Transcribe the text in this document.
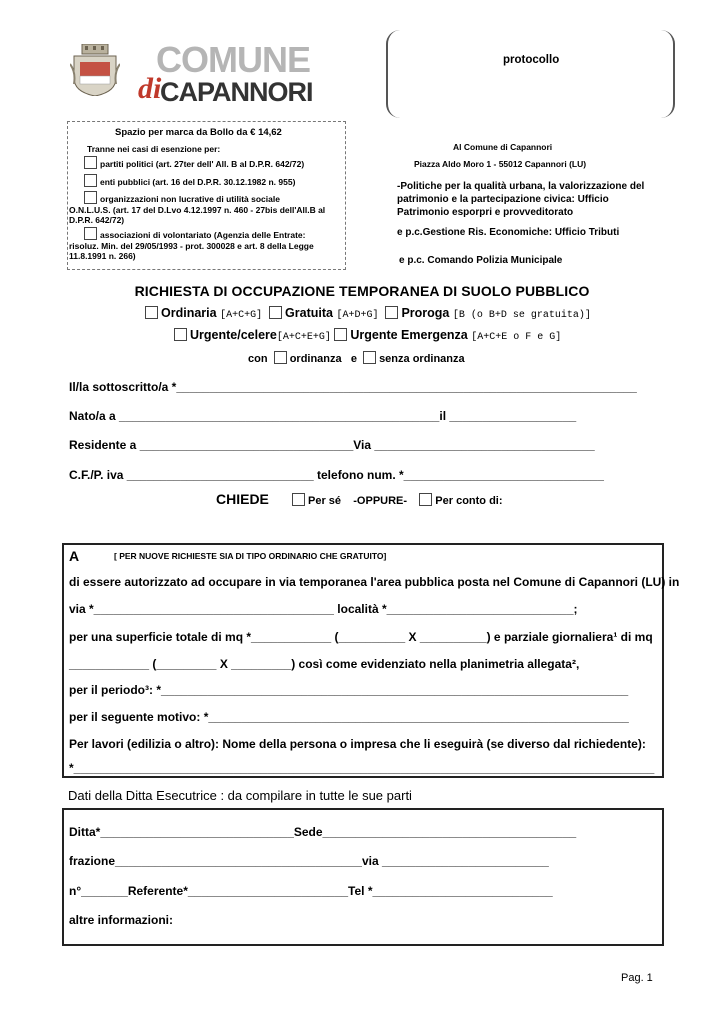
COMUNE
di
CAPANNORI
protocollo
Spazio per marca da Bollo da € 14,62
Tranne nei casi di esenzione per:
partiti politici (art. 27ter dell' All. B al D.P.R. 642/72)
enti pubblici (art. 16 del D.P.R. 30.12.1982 n. 955)
organizzazioni non lucrative di utilità sociale
O.N.L.U.S. (art. 17 del D.Lvo 4.12.1997 n. 460 - 27bis dell'All.B al D.P.R. 642/72)
associazioni di volontariato (Agenzia delle Entrate:
risoluz. Min. del 29/05/1993 - prot. 300028 e art. 8 della Legge 11.8.1991 n. 266)
Al Comune di Capannori
Piazza Aldo Moro 1 - 55012 Capannori (LU)
-Politiche per la qualità urbana, la valorizzazione del patrimonio e la partecipazione civica: Ufficio Patrimonio esporpri e provveditorato
e p.c.Gestione Ris. Economiche: Ufficio Tributi
e p.c. Comando Polizia Municipale
RICHIESTA DI OCCUPAZIONE TEMPORANEA DI SUOLO PUBBLICO
Ordinaria [A+C+G] Gratuita [A+D+G] Proroga [B (o B+D se gratuita)]
Urgente/celere[A+C+E+G] Urgente Emergenza [A+C+E o F e G]
con ordinanza e senza ordinanza
Il/la sottoscritto/a *_____________________________________________________________________
Nato/a a ________________________________________________il ___________________
Residente a ________________________________Via _________________________________
C.F./P. iva ____________________________ telefono num. *______________________________
CHIEDE	Per sé -OPPURE-	Per conto di:
A	[ PER NUOVE RICHIESTE SIA DI TIPO ORDINARIO CHE GRATUITO]
di essere autorizzato ad occupare in via temporanea l'area pubblica posta nel Comune di Capannori (LU) in
via *____________________________________ località *____________________________;
per una superficie totale di mq *____________ (__________ X __________) e parziale giornaliera¹ di mq
____________ (_________ X _________) così come evidenziato nella planimetria allegata²,
per il periodo³: *______________________________________________________________________
per il seguente motivo: *_______________________________________________________________
Per lavori (edilizia o altro): Nome della persona o impresa che li eseguirà (se diverso dal richiedente):
*_______________________________________________________________________________________
Dati della Ditta Esecutrice : da compilare in tutte le sue parti
Ditta*_____________________________Sede______________________________________
frazione_____________________________________via _________________________
n°_______Referente*________________________Tel *___________________________
altre informazioni:
Pag. 1
